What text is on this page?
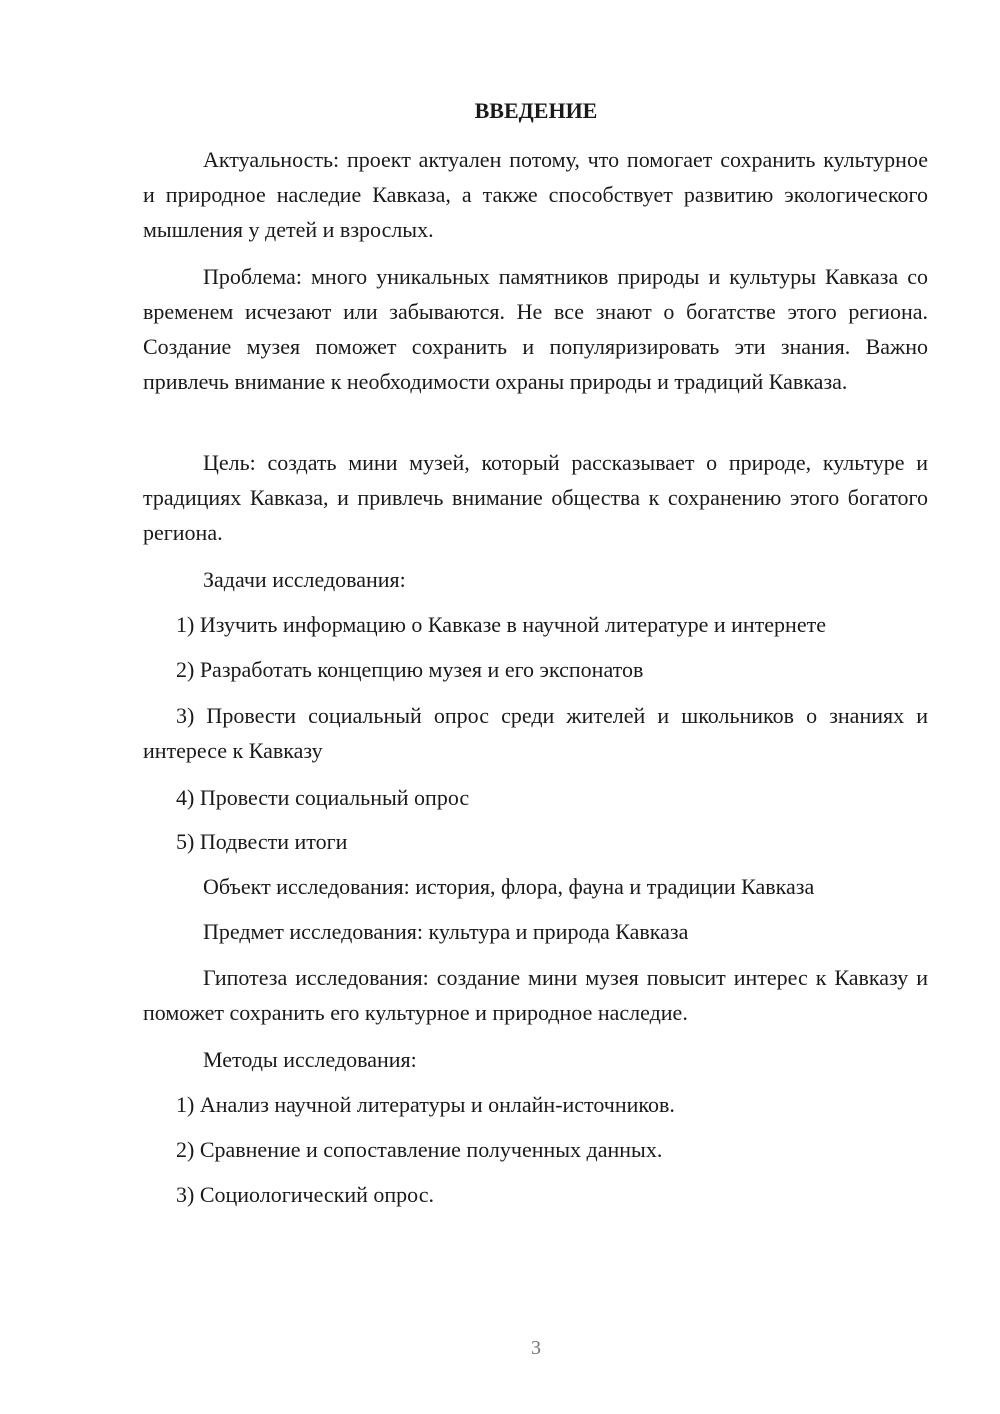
ВВЕДЕНИЕ

Актуальность: проект актуален потому, что помогает сохранить культурное и природное наследие Кавказа, а также способствует развитию экологического мышления у детей и взрослых.

Проблема: много уникальных памятников природы и культуры Кавказа со временем исчезают или забываются. Не все знают о богатстве этого региона. Создание музея поможет сохранить и популяризировать эти знания. Важно привлечь внимание к необходимости охраны природы и традиций Кавказа.

Цель: создать мини музей, который рассказывает о природе, культуре и традициях Кавказа, и привлечь внимание общества к сохранению этого богатого региона.

Задачи исследования:

1) Изучить информацию о Кавказе в научной литературе и интернете

2) Разработать концепцию музея и его экспонатов

3) Провести социальный опрос среди жителей и школьников о знаниях и интересе к Кавказу

4) Провести социальный опрос

5) Подвести итоги

Объект исследования: история, флора, фауна и традиции Кавказа

Предмет исследования: культура и природа Кавказа

Гипотеза исследования: создание мини музея повысит интерес к Кавказу и поможет сохранить его культурное и природное наследие.

Методы исследования:

1) Анализ научной литературы и онлайн-источников.

2) Сравнение и сопоставление полученных данных.

3) Социологический опрос.

3
